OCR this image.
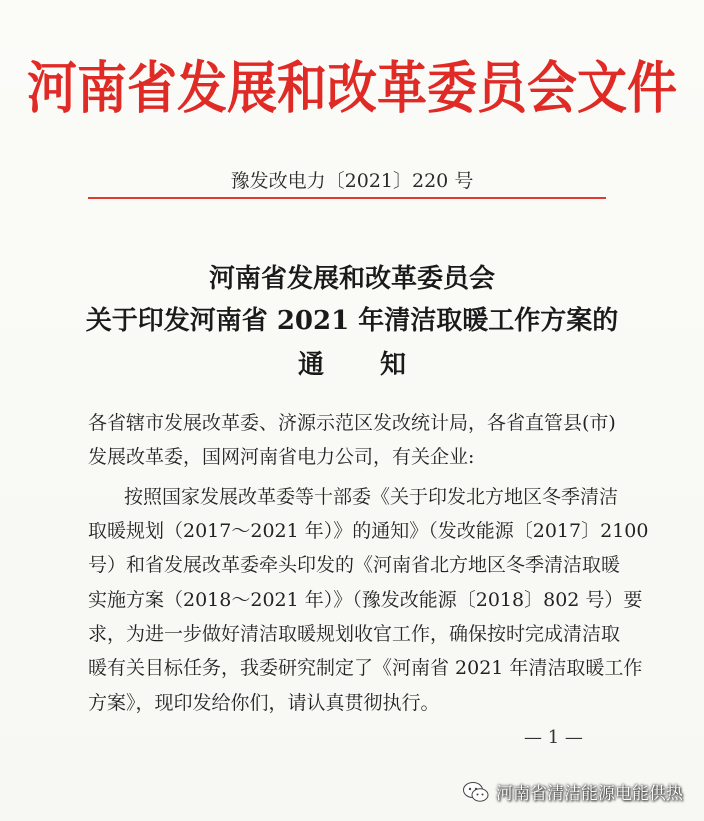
河南省发展和改革委员会文件
豫发改电力〔2021〕220 号
河南省发展和改革委员会
关于印发河南省 2021 年清洁取暖工作方案的
通 知
各省辖市发展改革委、济源示范区发改统计局，各省直管县(市)
发展改革委，国网河南省电力公司，有关企业:
按照国家发展改革委等十部委《关于印发北方地区冬季清洁
取暖规划（2017～2021 年）》的通知》（发改能源〔2017〕2100
号）和省发展改革委牵头印发的《河南省北方地区冬季清洁取暖
实施方案（2018～2021 年）》（豫发改能源〔2018〕802 号）要
求，为进一步做好清洁取暖规划收官工作，确保按时完成清洁取
暖有关目标任务，我委研究制定了《河南省 2021 年清洁取暖工作
方案》，现印发给你们，请认真贯彻执行。
— 1 —
河南省清洁能源电能供热
